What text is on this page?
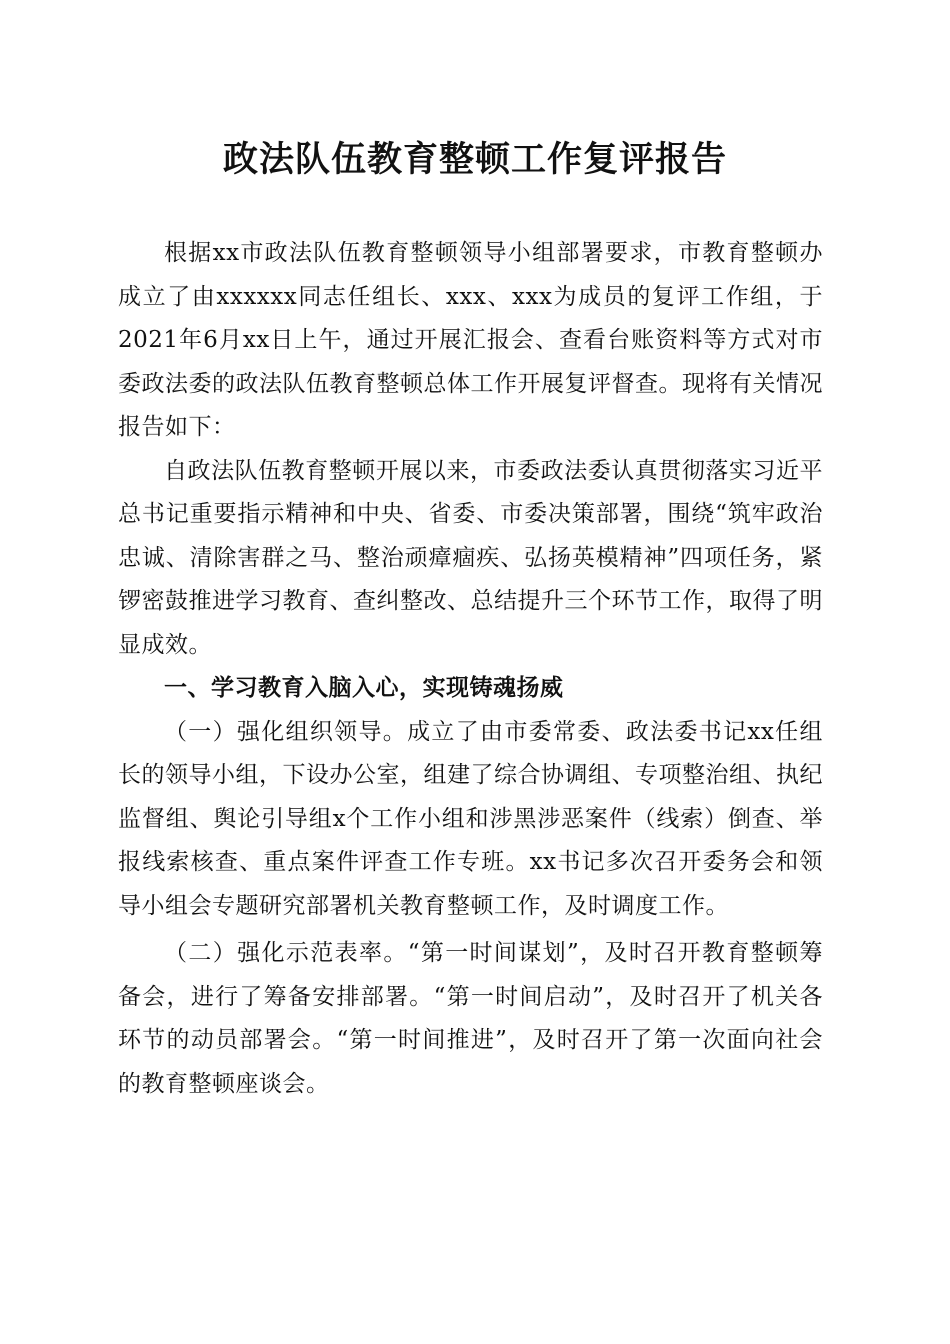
政法队伍教育整顿工作复评报告

根据xx市政法队伍教育整顿领导小组部署要求，市教育整顿办成立了由xxxxxx同志任组长、xxx、xxx为成员的复评工作组，于2021年6月xx日上午，通过开展汇报会、查看台账资料等方式对市委政法委的政法队伍教育整顿总体工作开展复评督查。现将有关情况报告如下：

自政法队伍教育整顿开展以来，市委政法委认真贯彻落实习近平总书记重要指示精神和中央、省委、市委决策部署，围绕“筑牢政治忠诚、清除害群之马、整治顽瘴痼疾、弘扬英模精神”四项任务，紧锣密鼓推进学习教育、查纠整改、总结提升三个环节工作，取得了明显成效。

一、学习教育入脑入心，实现铸魂扬威

（一）强化组织领导。成立了由市委常委、政法委书记xx任组长的领导小组，下设办公室，组建了综合协调组、专项整治组、执纪监督组、舆论引导组x个工作小组和涉黑涉恶案件（线索）倒查、举报线索核查、重点案件评查工作专班。xx书记多次召开委务会和领导小组会专题研究部署机关教育整顿工作，及时调度工作。

（二）强化示范表率。“第一时间谋划”，及时召开教育整顿筹备会，进行了筹备安排部署。“第一时间启动”，及时召开了机关各环节的动员部署会。“第一时间推进”，及时召开了第一次面向社会的教育整顿座谈会。
